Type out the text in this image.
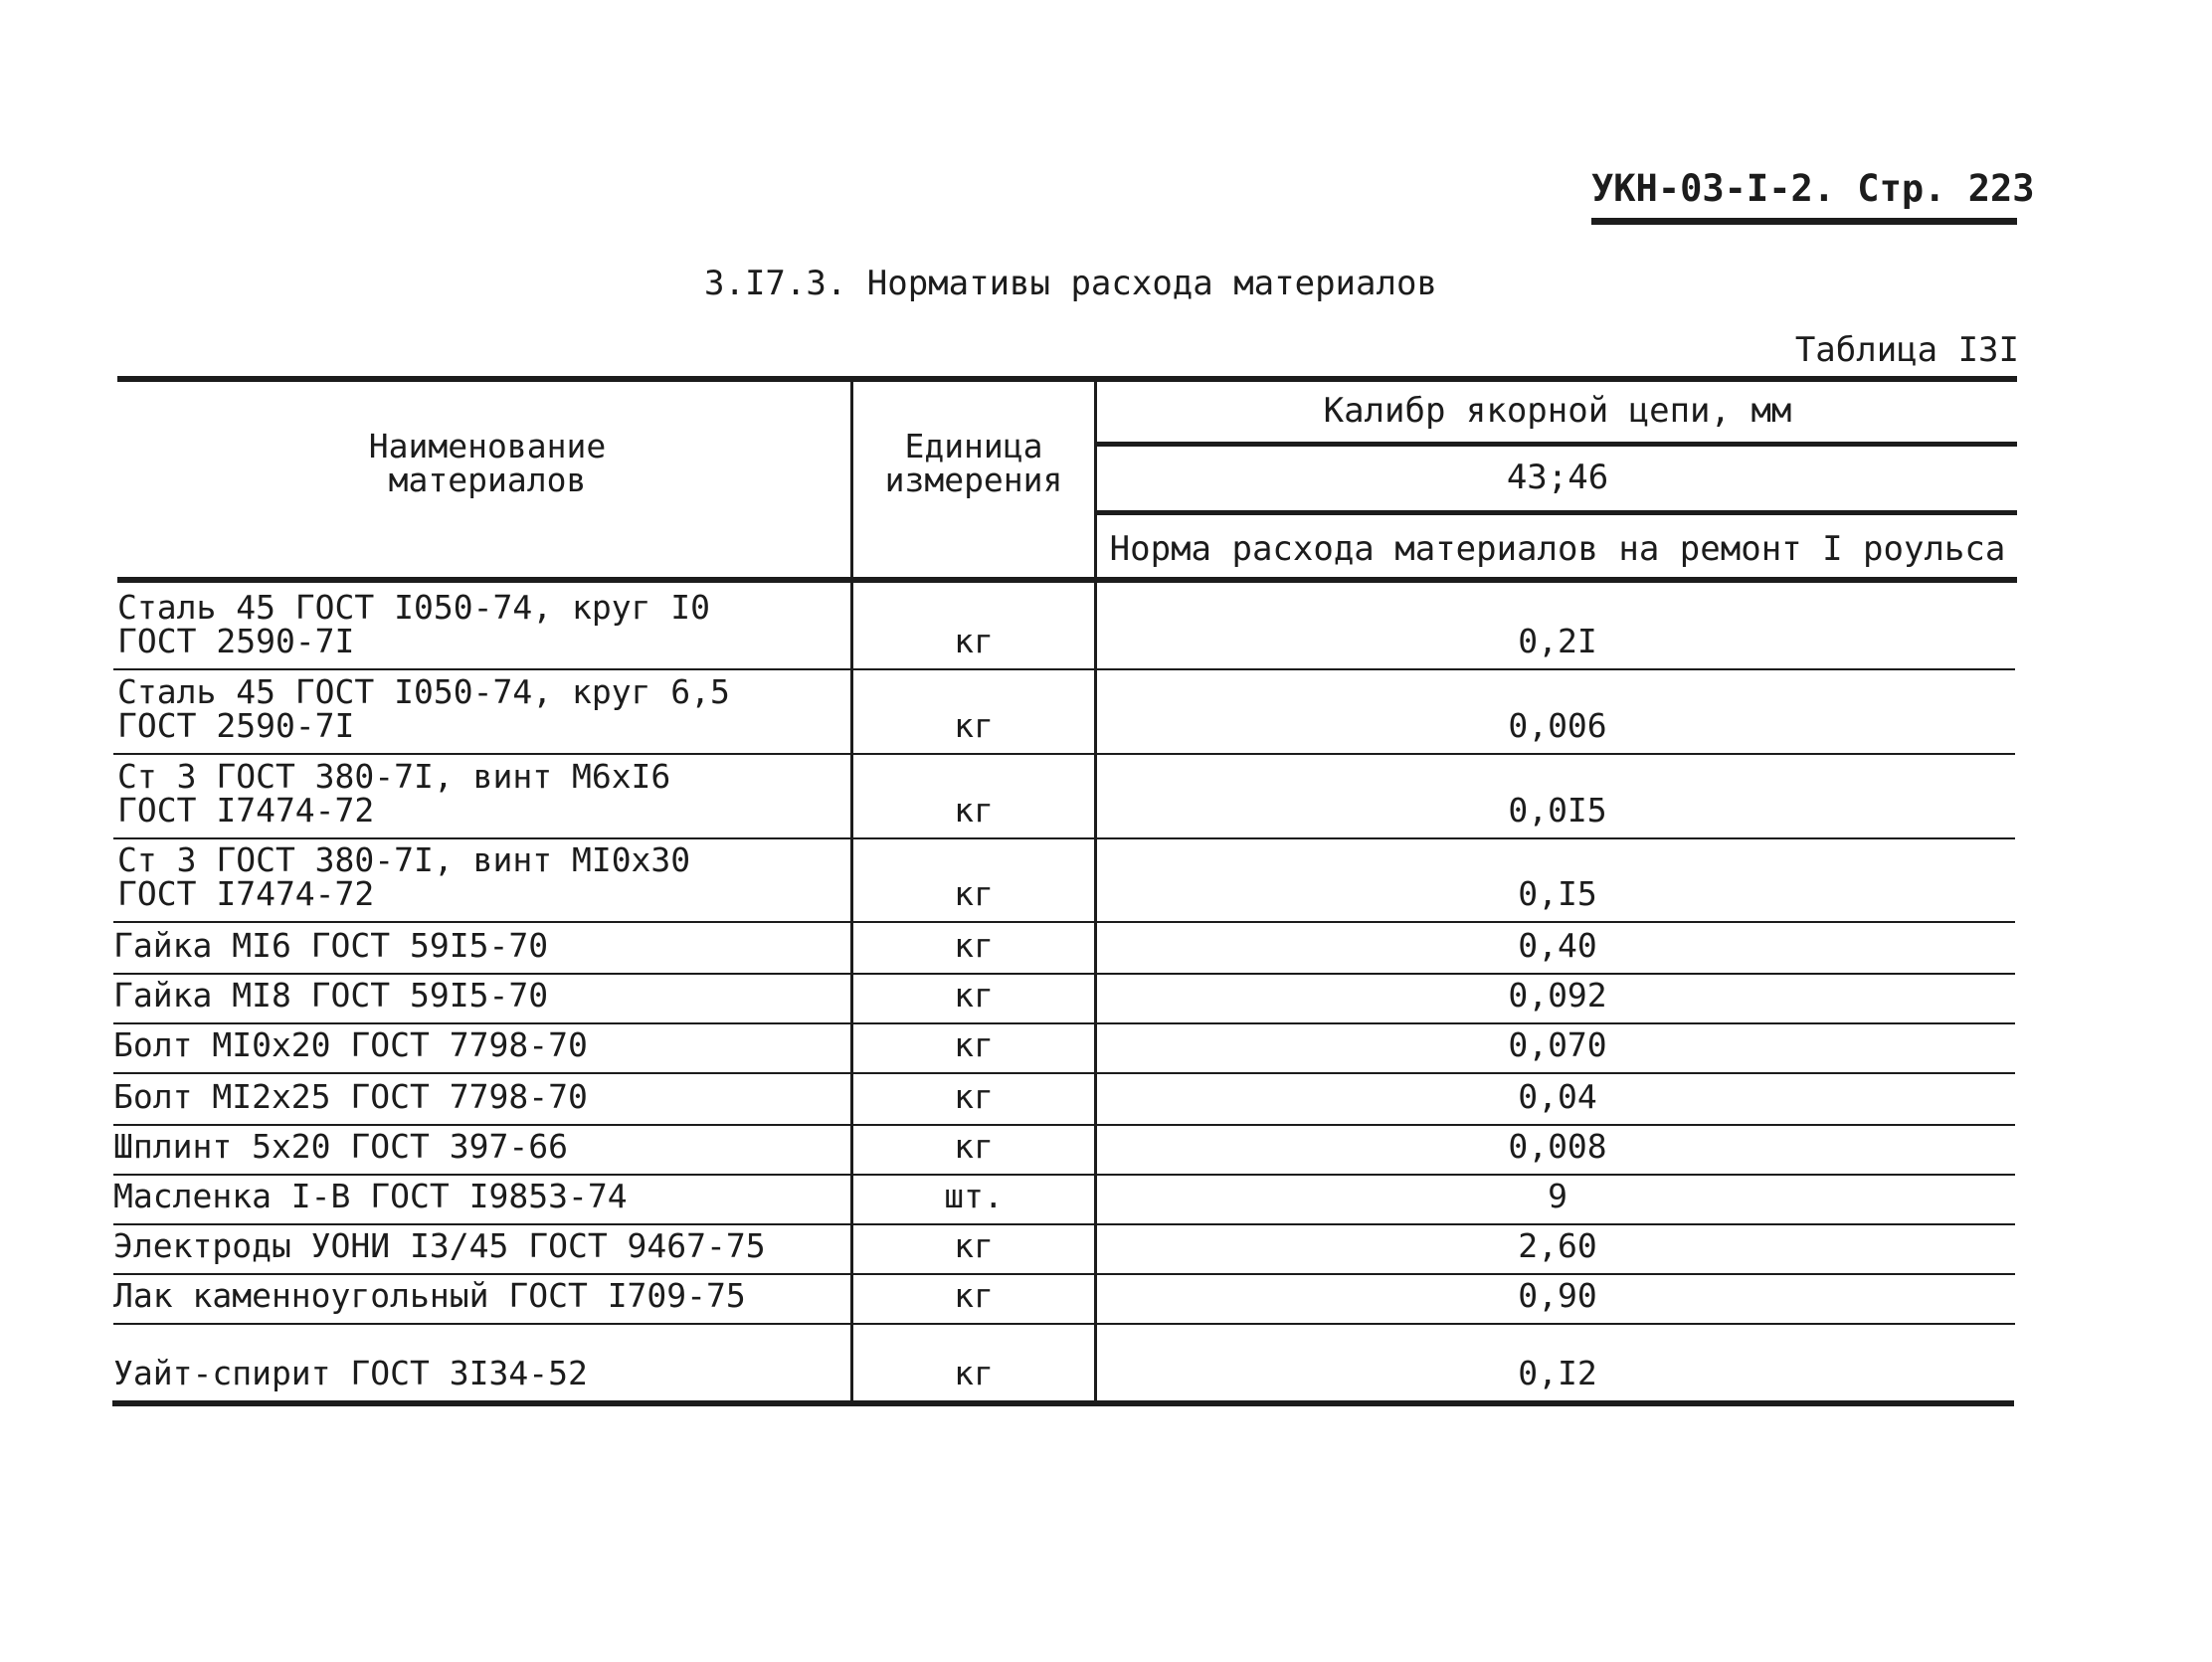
УКН-03-I-2. Стр. 223
3.I7.3. Нормативы расхода материалов
Таблица I3I
Наименование
материалов
Единица
измерения
Калибр якорной цепи, мм
43;46
Норма расхода материалов на ремонт I роульса
Сталь 45 ГОСТ I050-74, круг I0
ГОСТ 2590-7I	кг	0,2I
Сталь 45 ГОСТ I050-74, круг 6,5
ГОСТ 2590-7I	кг	0,006
Ст 3 ГОСТ 380-7I, винт М6хI6
ГОСТ I7474-72	кг	0,0I5
Ст 3 ГОСТ 380-7I, винт МI0х30
ГОСТ I7474-72	кг	0,I5
Гайка МI6 ГОСТ 59I5-70	кг	0,40
Гайка МI8 ГОСТ 59I5-70	кг	0,092
Болт МI0х20 ГОСТ 7798-70	кг	0,070
Болт МI2х25 ГОСТ 7798-70	кг	0,04
Шплинт 5х20 ГОСТ 397-66	кг	0,008
Масленка I-В ГОСТ I9853-74	шт.	9
Электроды УОНИ I3/45 ГОСТ 9467-75	кг	2,60
Лак каменноугольный ГОСТ I709-75	кг	0,90
Уайт-спирит ГОСТ 3I34-52	кг	0,I2
